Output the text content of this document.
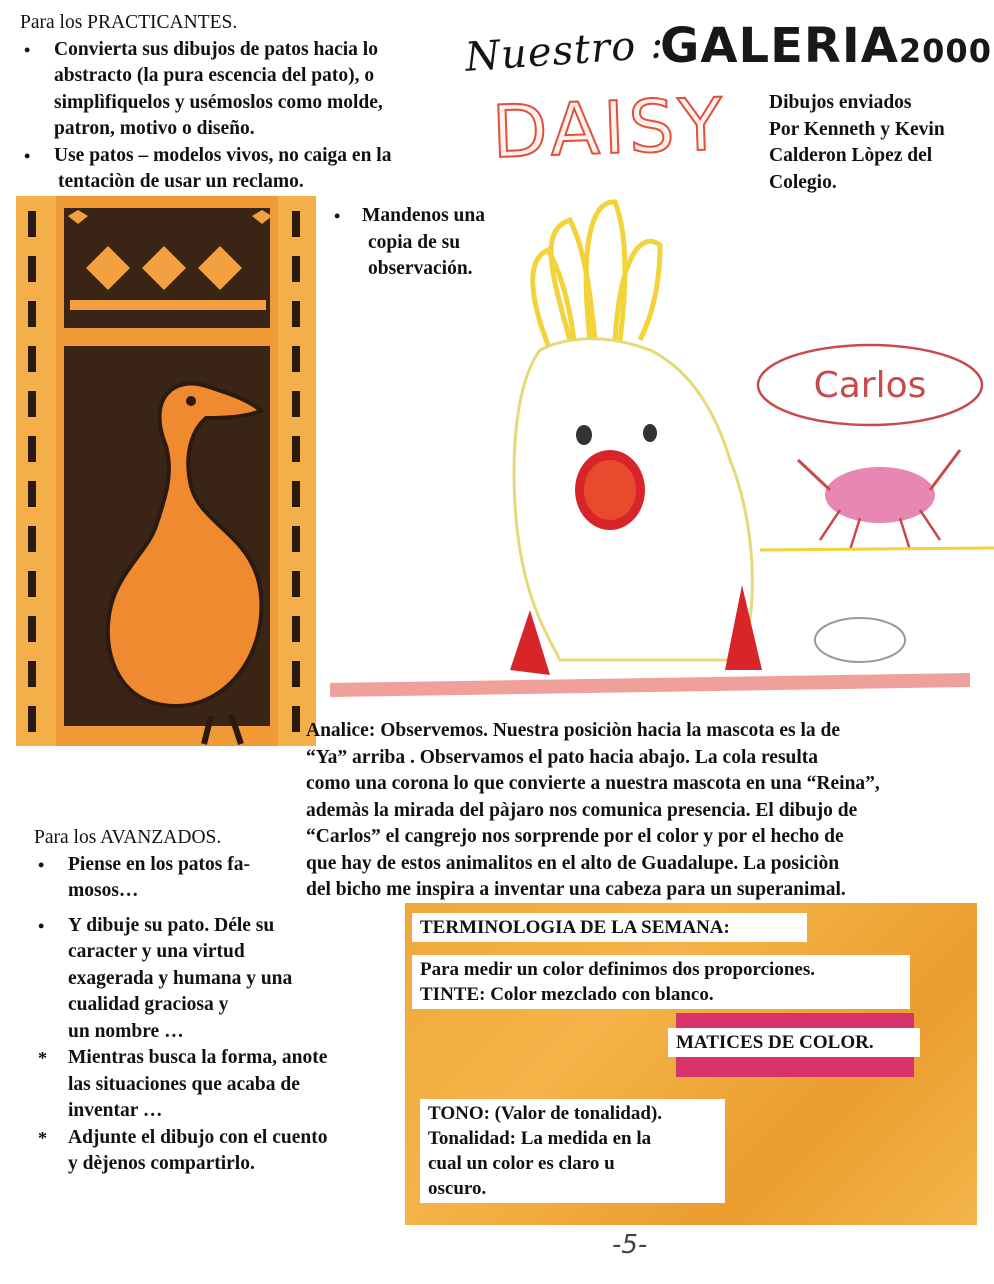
Nuestro :
GALERIA2000
DAISY Dibujos enviados

Por Kenneth y Kevin

Calderon Lòpez del

Colegio.

Para los PRACTICANTES.

• Convierta sus dibujos de patos hacia lo
abstracto (la pura escencia del pato), o
simplìfiquelos y usémoslos como molde,
patron, motivo o diseño.
• Use patos – modelos vivos, no caiga en la
tentaciòn de usar un reclamo.
• Mandenos una
copia de su
observación.
Carlos

Analice: Observemos. Nuestra posiciòn hacia la mascota es la de

“Ya” arriba . Observamos el pato hacia abajo. La cola resulta

como una corona lo que convierte a nuestra mascota en una “Reina”,

ademàs la mirada del pàjaro nos comunica presencia. El dibujo de

“Carlos” el cangrejo nos sorprende por el color y por el hecho de

que hay de estos animalitos en el alto de Guadalupe. La posiciòn

del bicho me inspira a inventar una cabeza para un superanimal.

Para los AVANZADOS.

• Piense en los patos fa-
mosos…
• Y dibuje su pato. Déle su
caracter y una virtud
exagerada y humana y una
cualidad graciosa y
un nombre …
* Mientras busca la forma, anote
las situaciones que acaba de
inventar …
* Adjunte el dibujo con el cuento
y dèjenos compartirlo.
TERMINOLOGIA DE LA SEMANA:
Para medir un color definimos dos proporciones.
TINTE: Color mezclado con blanco.
MATICES DE COLOR.
TONO: (Valor de tonalidad).
Tonalidad: La medida en la
cual un color es claro u
oscuro.
-5-
